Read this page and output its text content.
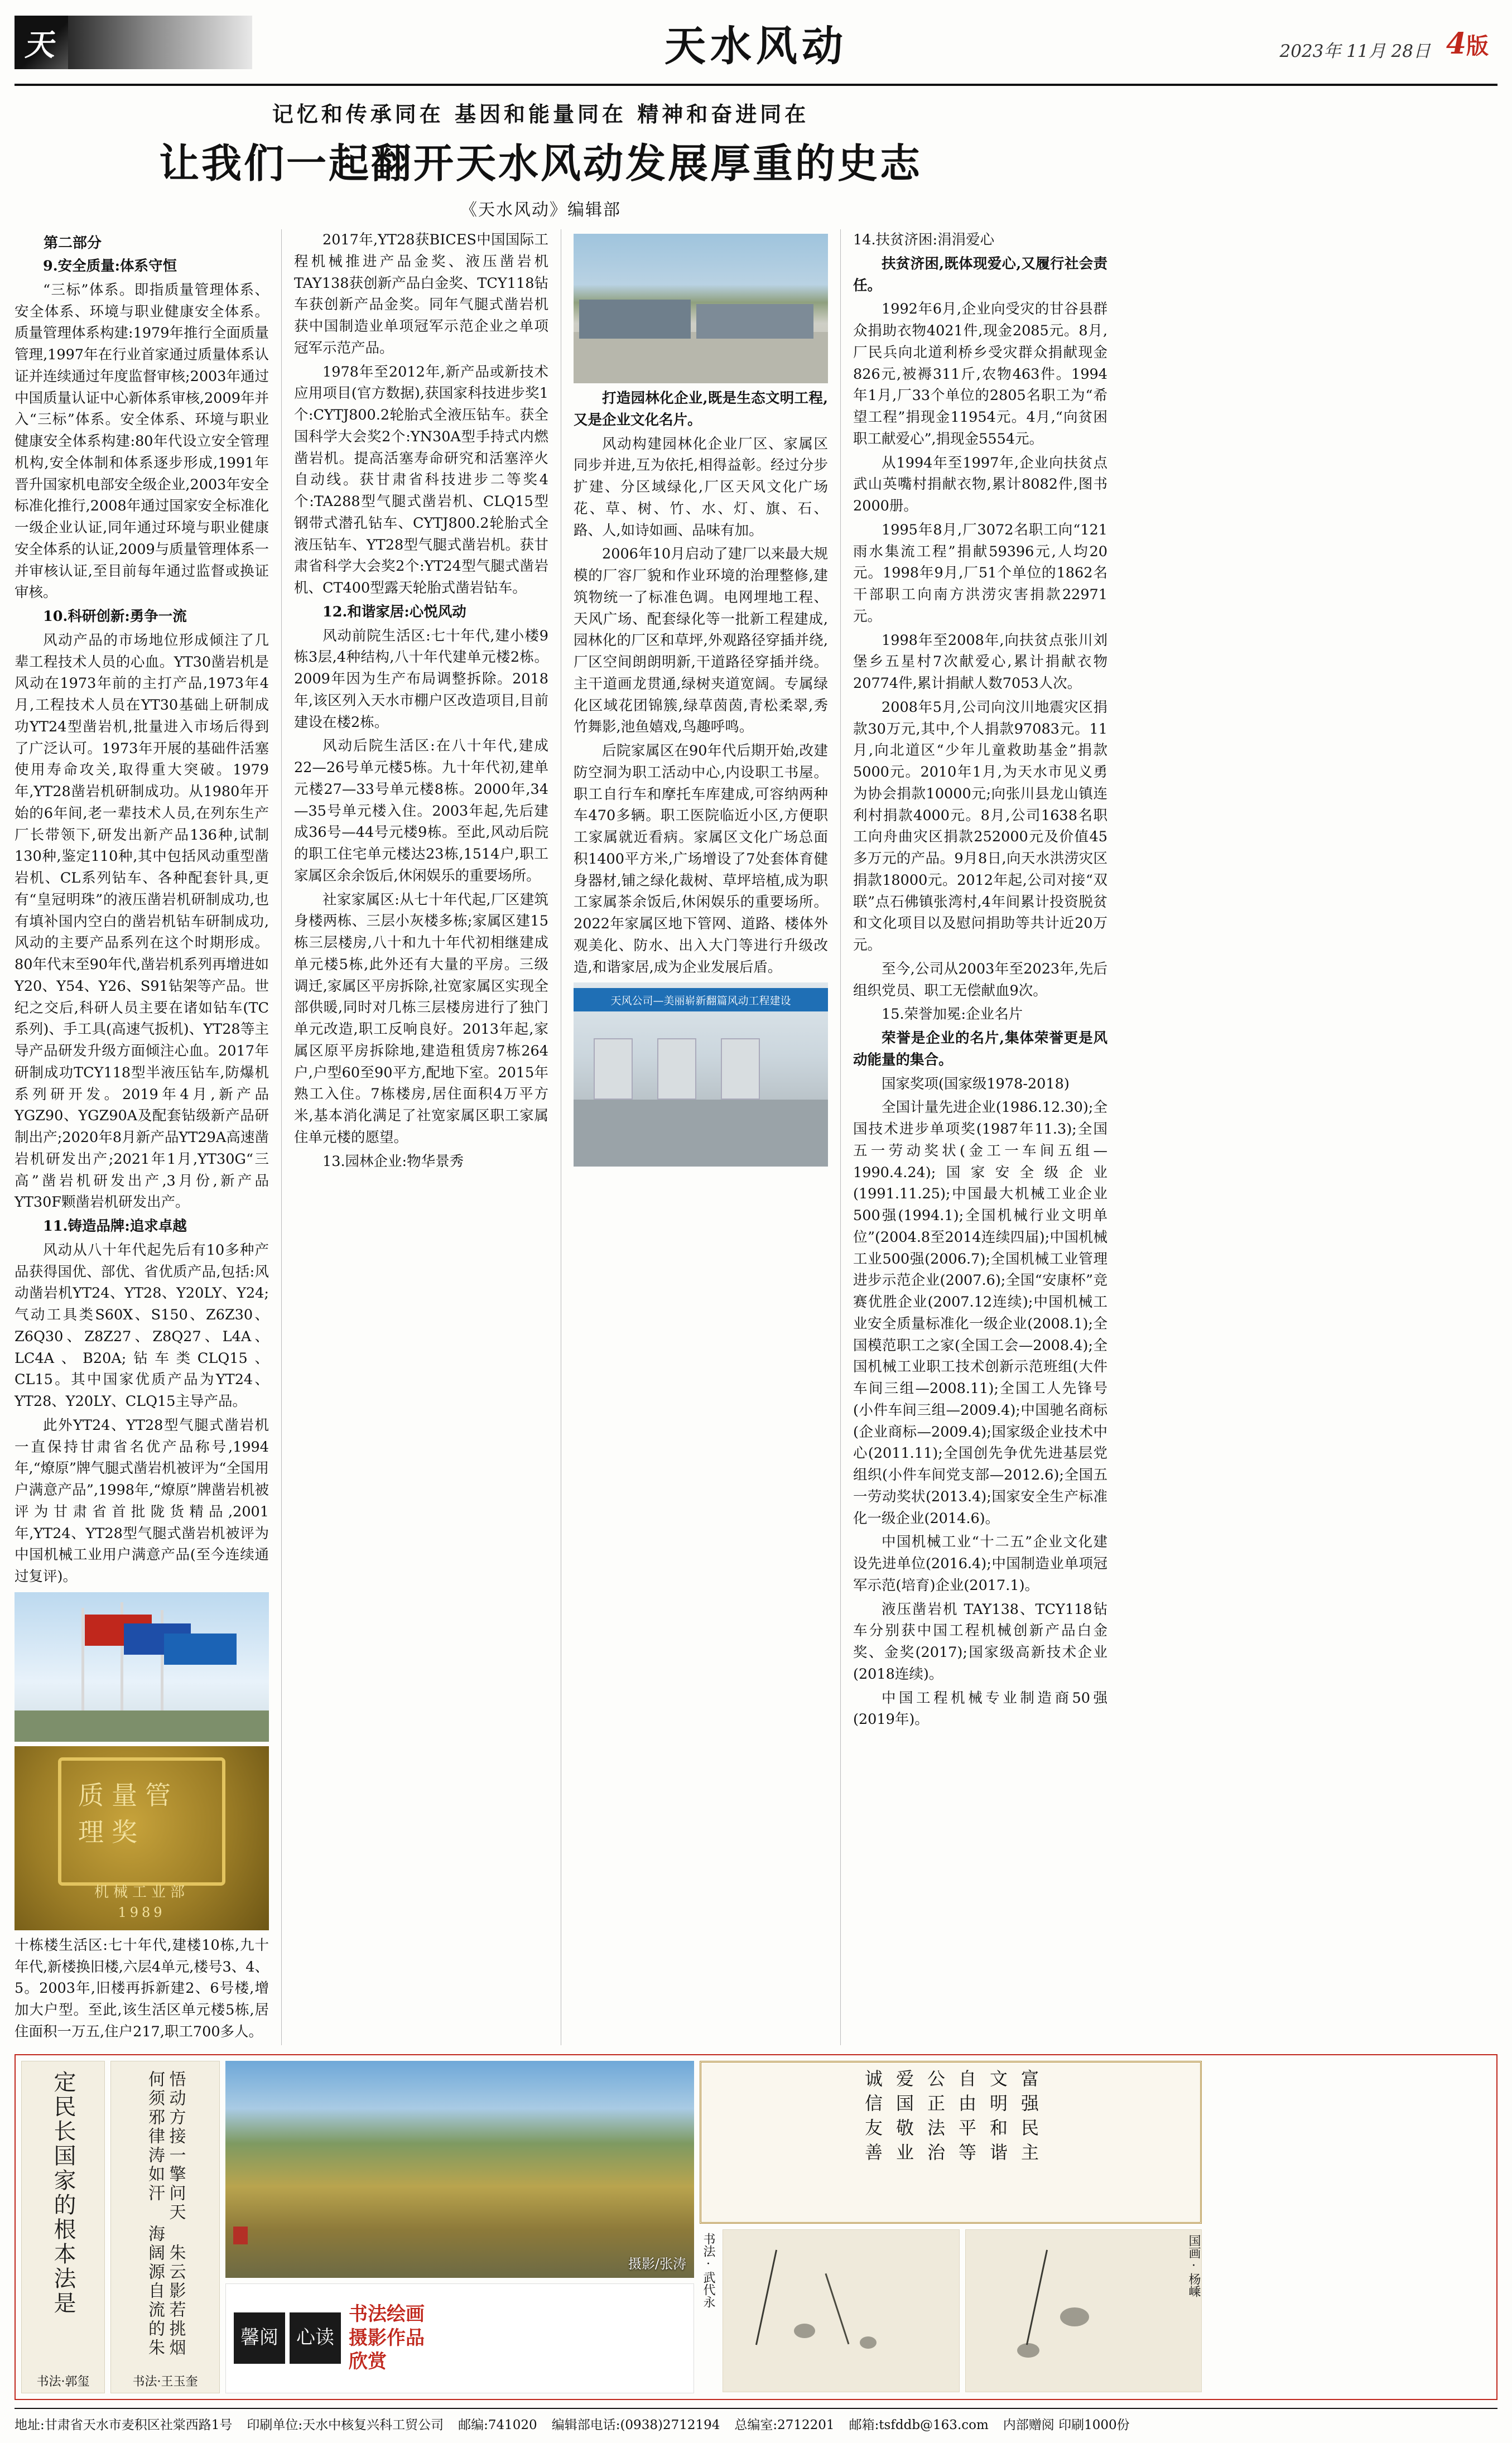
天	天水风动	2023年 11月 28日 4版
记忆和传承同在 基因和能量同在 精神和奋进同在
让我们一起翻开天水风动发展厚重的史志
《天水风动》编辑部
第二部分

9.安全质量:体系守恒

“三标”体系。即指质量管理体系、安全体系、环境与职业健康安全体系。质量管理体系构建:1979年推行全面质量管理,1997年在行业首家通过质量体系认证并连续通过年度监督审核;2003年通过中国质量认证中心新体系审核,2009年并入“三标”体系。安全体系、环境与职业健康安全体系构建:80年代设立安全管理机构,安全体制和体系逐步形成,1991年晋升国家机电部安全级企业,2003年安全标准化推行,2008年通过国家安全标准化一级企业认证,同年通过环境与职业健康安全体系的认证,2009与质量管理体系一并审核认证,至目前每年通过监督或换证审核。

10.科研创新:勇争一流

风动产品的市场地位形成倾注了几辈工程技术人员的心血。YT30凿岩机是风动在1973年前的主打产品,1973年4月,工程技术人员在YT30基础上研制成功YT24型凿岩机,批量进入市场后得到了广泛认可。1973年开展的基础件活塞使用寿命攻关,取得重大突破。1979年,YT28凿岩机研制成功。从1980年开始的6年间,老一辈技术人员,在列东生产厂长带领下,研发出新产品136种,试制130种,鉴定110种,其中包括风动重型凿岩机、CL系列钻车、各种配套针具,更有“皇冠明珠”的液压凿岩机研制成功,也有填补国内空白的凿岩机钻车研制成功,风动的主要产品系列在这个时期形成。80年代末至90年代,凿岩机系列再增进如Y20、Y54、Y26、S91钻架等产品。世纪之交后,科研人员主要在诸如钻车(TC系列)、手工具(高速气扳机)、YT28等主导产品研发升级方面倾注心血。2017年研制成功TCY118型半液压钻车,防爆机系列研开发。2019年4月,新产品YGZ90、YGZ90A及配套钻级新产品研制出产;2020年8月新产品YT29A高速凿岩机研发出产;2021年1月,YT30G“三高”凿岩机研发出产,3月份,新产品YT30F颗凿岩机研发出产。

11.铸造品牌:追求卓越

风动从八十年代起先后有10多种产品获得国优、部优、省优质产品,包括:风动凿岩机YT24、YT28、Y20LY、Y24;气动工具类S60X、S150、Z6Z30、Z6Q30、Z8Z27、Z8Q27、L4A、LC4A、B20A;钻车类CLQ15、CL15。其中国家优质产品为YT24、YT28、Y20LY、CLQ15主导产品。

此外YT24、YT28型气腿式凿岩机一直保持甘肃省名优产品称号,1994年,“燎原”牌气腿式凿岩机被评为“全国用户满意产品”,1998年,“燎原”牌凿岩机被评为甘肃省首批陇货精品,2001年,YT24、YT28型气腿式凿岩机被评为中国机械工业用户满意产品(至今连续通过复评)。

质量管理奖
机械工业部
1989

十栋楼生活区:七十年代,建楼10栋,九十年代,新楼换旧楼,六层4单元,楼号3、4、5。2003年,旧楼再拆新建2、6号楼,增加大户型。至此,该生活区单元楼5栋,居住面积一万五,住户217,职工700多人。

2017年,YT28获BICES中国国际工程机械推进产品金奖、液压凿岩机TAY138获创新产品白金奖、TCY118钻车获创新产品金奖。同年气腿式凿岩机获中国制造业单项冠军示范企业之单项冠军示范产品。

1978年至2012年,新产品或新技术应用项目(官方数据),获国家科技进步奖1个:CYTJ800.2轮胎式全液压钻车。获全国科学大会奖2个:YN30A型手持式内燃凿岩机。提高活塞寿命研究和活塞淬火自动线。获甘肃省科技进步二等奖4个:TA288型气腿式凿岩机、CLQ15型钢带式潜孔钻车、CYTJ800.2轮胎式全液压钻车、YT28型气腿式凿岩机。获甘肃省科学大会奖2个:YT24型气腿式凿岩机、CT400型露天轮胎式凿岩钻车。

12.和谐家居:心悦风动

风动前院生活区:七十年代,建小楼9栋3层,4种结构,八十年代建单元楼2栋。2009年因为生产布局调整拆除。2018年,该区列入天水市棚户区改造项目,目前建设在楼2栋。

风动后院生活区:在八十年代,建成22—26号单元楼5栋。九十年代初,建单元楼27—33号单元楼8栋。2000年,34—35号单元楼入住。2003年起,先后建成36号—44号元楼9栋。至此,风动后院的职工住宅单元楼达23栋,1514户,职工家属区余余饭后,休闲娱乐的重要场所。

社家家属区:从七十年代起,厂区建筑身楼两栋、三层小灰楼多栋;家属区建15栋三层楼房,八十和九十年代初相继建成单元楼5栋,此外还有大量的平房。三级调迁,家属区平房拆除,社宽家属区实现全部供暖,同时对几栋三层楼房进行了独门单元改造,职工反响良好。2013年起,家属区原平房拆除地,建造租赁房7栋264户,户型60至90平方,配地下室。2015年熟工入住。7栋楼房,居住面积4万平方米,基本消化满足了社宽家属区职工家属住单元楼的愿望。

13.园林企业:物华景秀

打造园林化企业,既是生态文明工程,又是企业文化名片。

风动构建园林化企业厂区、家属区同步并进,互为依托,相得益彰。经过分步扩建、分区域绿化,厂区天风文化广场花、草、树、竹、水、灯、旗、石、路、人,如诗如画、品味有加。

2006年10月启动了建厂以来最大规模的厂容厂貌和作业环境的治理整修,建筑物统一了标准色调。电网埋地工程、天风广场、配套绿化等一批新工程建成,园林化的厂区和草坪,外观路径穿插并绕,厂区空间朗朗明新,干道路径穿插并绕。主干道画龙贯通,绿树夹道宽阔。专属绿化区域花团锦簇,绿草茵茵,青松柔翠,秀竹舞影,池鱼嬉戏,鸟趣呼鸣。

后院家属区在90年代后期开始,改建防空洞为职工活动中心,内设职工书屋。职工自行车和摩托车库建成,可容纳两种车470多辆。职工医院临近小区,方便职工家属就近看病。家属区文化广场总面积1400平方米,广场增设了7处套体育健身器材,铺之绿化裁树、草坪培植,成为职工家属茶余饭后,休闲娱乐的重要场所。2022年家属区地下管网、道路、楼体外观美化、防水、出入大门等进行升级改造,和谐家居,成为企业发展后盾。

天风公司—美丽崭新翻篇风动工程建设

14.扶贫济困:涓涓爱心

扶贫济困,既体现爱心,又履行社会责任。

1992年6月,企业向受灾的甘谷县群众捐助衣物4021件,现金2085元。8月,厂民兵向北道利桥乡受灾群众捐献现金826元,被褥311斤,农物463件。1994年1月,厂33个单位的2805名职工为“希望工程”捐现金11954元。4月,“向贫困职工献爱心”,捐现金5554元。

从1994年至1997年,企业向扶贫点武山英嘴村捐献衣物,累计8082件,图书2000册。

1995年8月,厂3072名职工向“121雨水集流工程”捐献59396元,人均20元。1998年9月,厂51个单位的1862名干部职工向南方洪涝灾害捐款22971元。

1998年至2008年,向扶贫点张川刘堡乡五星村7次献爱心,累计捐献衣物20774件,累计捐献人数7053人次。

2008年5月,公司向汶川地震灾区捐款30万元,其中,个人捐款97083元。11月,向北道区“少年儿童救助基金”捐款5000元。2010年1月,为天水市见义勇为协会捐款10000元;向张川县龙山镇连利村捐款4000元。8月,公司1638名职工向舟曲灾区捐款252000元及价值45多万元的产品。9月8日,向天水洪涝灾区捐款18000元。2012年起,公司对接“双联”点石佛镇张湾村,4年间累计投资脱贫和文化项目以及慰问捐助等共计近20万元。

至今,公司从2003年至2023年,先后组织党员、职工无偿献血9次。

15.荣誉加冕:企业名片

荣誉是企业的名片,集体荣誉更是风动能量的集合。

国家奖项(国家级1978-2018)

全国计量先进企业(1986.12.30);全国技术进步单项奖(1987年11.3);全国五一劳动奖状(金工一车间五组—1990.4.24);国家安全级企业(1991.11.25);中国最大机械工业企业500强(1994.1);全国机械行业文明单位”(2004.8至2014连续四届);中国机械工业500强(2006.7);全国机械工业管理进步示范企业(2007.6);全国“安康杯”竞赛优胜企业(2007.12连续);中国机械工业安全质量标准化一级企业(2008.1);全国模范职工之家(全国工会—2008.4);全国机械工业职工技术创新示范班组(大件车间三组—2008.11);全国工人先锋号(小件车间三组—2009.4);中国驰名商标(企业商标—2009.4);国家级企业技术中心(2011.11);全国创先争优先进基层党组织(小件车间党支部—2012.6);全国五一劳动奖状(2013.4);国家安全生产标准化一级企业(2014.6)。

中国机械工业“十二五”企业文化建设先进单位(2016.4);中国制造业单项冠军示范(培育)企业(2017.1)。

液压凿岩机 TAY138、TCY118钻车分别获中国工程机械创新产品白金奖、金奖(2017);国家级高新技术企业(2018连续)。

中国工程机械专业制造商50强(2019年)。

定民长国家的根本法是
书法·郭玺
悟动方接一擎问天 朱云影若挑烟 何须邪律涛如汗 海阔源自流的朱
书法·王玉奎
摄影/张涛
馨 阅 心 读
书法绘画
摄影作品
欣赏
富强民主
文明和谐
自由平等
公正法治
爱国敬业
诚信友善
书法·武代永	国画·杨嵊
地址:甘肃省天水市麦积区社棠西路1号 印刷单位:天水中核复兴科工贸公司 邮编:741020 编辑部电话:(0938)2712194 总编室:2712201 邮箱:tsfddb@163.com 内部赠阅 印刷1000份
